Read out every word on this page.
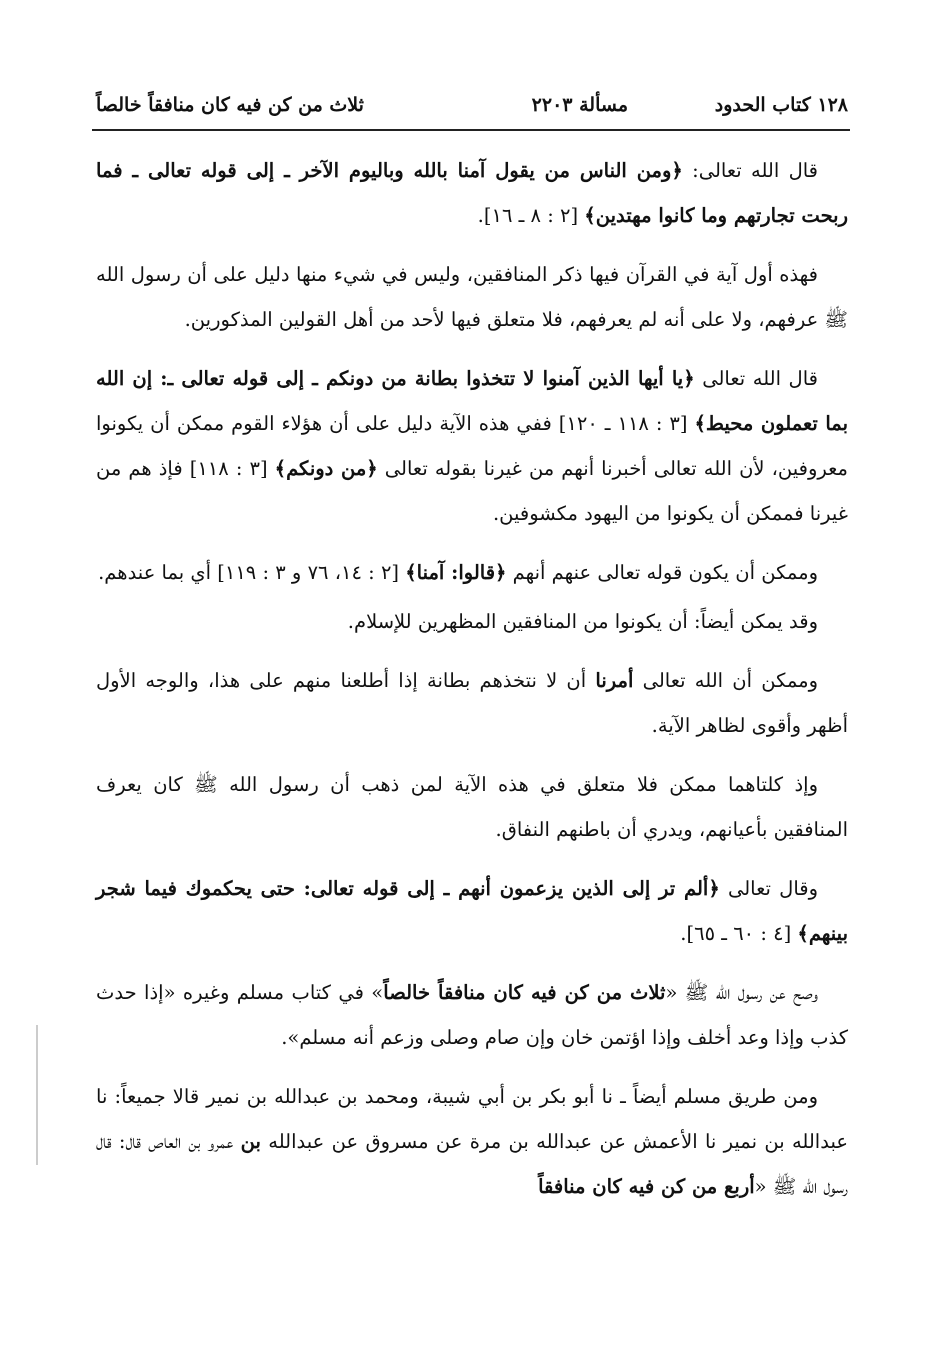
١٢٨ كتاب الحدود
مسألة ٢٢٠٣
ثلاث من كن فيه كان منافقاً خالصاً

قال الله تعالى: ﴿ومن الناس من يقول آمنا بالله وباليوم الآخر ـ إلى قوله تعالى ـ فما ربحت تجارتهم وما كانوا مهتدين﴾ [٢ : ٨ ـ ١٦].

فهذه أول آية في القرآن فيها ذكر المنافقين، وليس في شيء منها دليل على أن رسول الله ﷺ عرفهم، ولا على أنه لم يعرفهم، فلا متعلق فيها لأحد من أهل القولين المذكورين.

قال الله تعالى ﴿يا أيها الذين آمنوا لا تتخذوا بطانة من دونكم ـ إلى قوله تعالى ـ: إن الله بما تعملون محيط﴾ [٣ : ١١٨ ـ ١٢٠] ففي هذه الآية دليل على أن هؤلاء القوم ممكن أن يكونوا معروفين، لأن الله تعالى أخبرنا أنهم من غيرنا بقوله تعالى ﴿من دونكم﴾ [٣ : ١١٨] فإذ هم من غيرنا فممكن أن يكونوا من اليهود مكشوفين.

وممكن أن يكون قوله تعالى عنهم أنهم ﴿قالوا: آمنا﴾ [٢ : ١٤، ٧٦ و ٣ : ١١٩] أي بما عندهم.

وقد يمكن أيضاً: أن يكونوا من المنافقين المظهرين للإسلام.

وممكن أن الله تعالى أمرنا أن لا نتخذهم بطانة إذا أطلعنا منهم على هذا، والوجه الأول أظهر وأقوى لظاهر الآية.

وإذ كلتاهما ممكن فلا متعلق في هذه الآية لمن ذهب أن رسول الله ﷺ كان يعرف المنافقين بأعيانهم، ويدري أن باطنهم النفاق.

وقال تعالى ﴿ألم تر إلى الذين يزعمون أنهم ـ إلى قوله تعالى: حتى يحكموك فيما شجر بينهم﴾ [٤ : ٦٠ ـ ٦٥].

وصح عن رسول الله ﷺ «ثلاث من كن فيه كان منافقاً خالصاً» في كتاب مسلم وغيره «إذا حدث كذب وإذا وعد أخلف وإذا اؤتمن خان وإن صام وصلى وزعم أنه مسلم».

ومن طريق مسلم أيضاً ـ نا أبو بكر بن أبي شيبة، ومحمد بن عبدالله بن نمير قالا جميعاً: نا عبدالله بن نمير نا الأعمش عن عبدالله بن مرة عن مسروق عن عبدالله بن عمرو بن العاص قال: قال رسول الله ﷺ «أربع من كن فيه كان منافقاً
